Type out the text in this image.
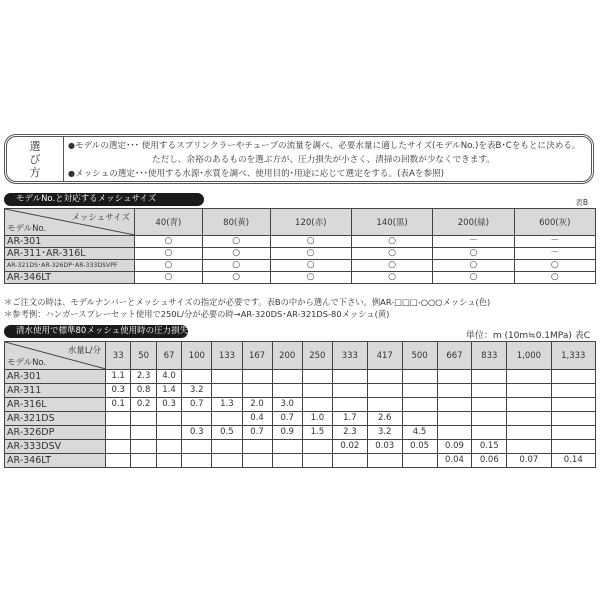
選
び
方
●モデルの選定･･･ 使用するスプリンクラーやチューブの流量を調べ、必要水量に適したサイズ(モデルNo.)を表B･Cをもとに決める。
ただし、余裕のあるものを選ぶ方が、圧力損失が小さく、清掃の回数が少なくできます。
●メッシュの選定･･･使用する水源･水質を調べ、使用目的･用途に応じて選定をする。(表Aを参照)
モデルNo.と対応するメッシュサイズ	表B
メッシュサイズ
モデルNo.	40(青)	80(黄)	120(赤)	140(黒)	200(緑)	600(灰)
AR-301	○	○	○	○	－	－
AR-311･AR-316L	○	○	○	○	○	－
AR-321DS･AR-326DP･AR-333DSVPF	○	○	○	○	○	○
AR-346LT	○	○	○	○	○	○
＊ご注文の時は、モデルナンバーとメッシュサイズの指定が必要です。表Bの中から選んで下さい。例AR-□□□-○○○メッシュ(色)
＊参考例：ハンガースプレーセット使用で250L/分が必要の時→AR-320DS･AR-321DS-80メッシュ(黄)
清水使用で標準80メッシュ使用時の圧力損失表	単位：m (10m≒0.1MPa) 表C
水量L/分
モデルNo.	33	50	67	100	133	167	200	250	333	417	500	667	833	1,000	1,333
AR-301	1.1	2.3	4.0												
AR-311	0.3	0.8	1.4	3.2											
AR-316L	0.1	0.2	0.3	0.7	1.3	2.0	3.0								
AR-321DS						0.4	0.7	1.0	1.7	2.6					
AR-326DP				0.3	0.5	0.7	0.9	1.5	2.3	3.2	4.5				
AR-333DSV									0.02	0.03	0.05	0.09	0.15		
AR-346LT												0.04	0.06	0.07	0.14
